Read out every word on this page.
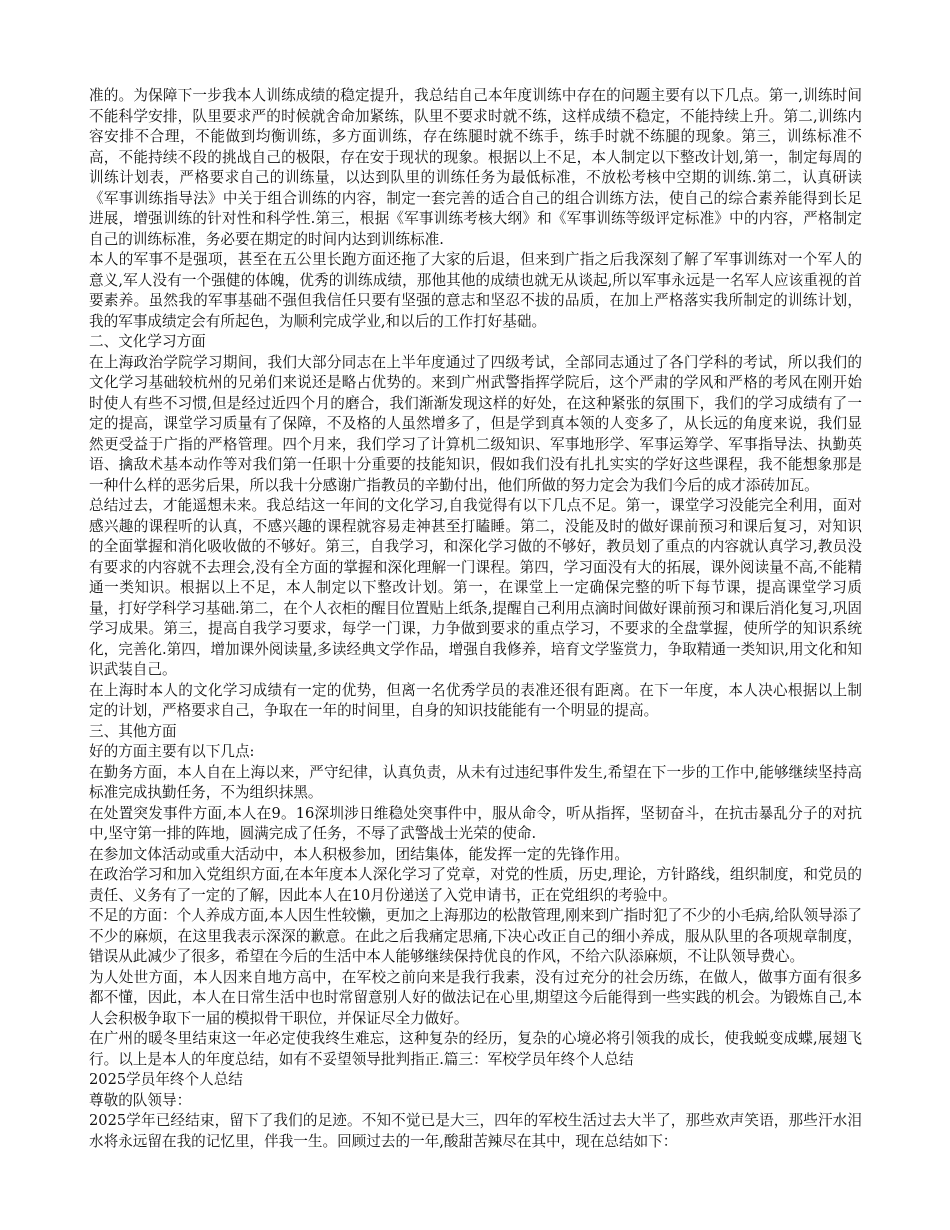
准的。为保障下一步我本人训练成绩的稳定提升，我总结自己本年度训练中存在的问题主要有以下几点。第一,训练时间不能科学安排，队里要求严的时候就舍命加紧练，队里不要求时就不练，这样成绩不稳定，不能持续上升。第二,训练内容安排不合理，不能做到均衡训练，多方面训练，存在练腿时就不练手，练手时就不练腿的现象。第三，训练标准不高，不能持续不段的挑战自己的极限，存在安于现状的现象。根据以上不足，本人制定以下整改计划,第一，制定每周的训练计划表，严格要求自己的训练量，以达到队里的训练任务为最低标准，不放松考核中空期的训练.第二，认真研读《军事训练指导法》中关于组合训练的内容，制定一套完善的适合自己的组合训练方法，使自己的综合素养能得到长足进展，增强训练的针对性和科学性.第三，根据《军事训练考核大纲》和《军事训练等级评定标准》中的内容，严格制定自己的训练标准，务必要在期定的时间内达到训练标准.

本人的军事不是强项，甚至在五公里长跑方面还拖了大家的后退，但来到广指之后我深刻了解了军事训练对一个军人的意义,军人没有一个强健的体魄，优秀的训练成绩，那他其他的成绩也就无从谈起,所以军事永远是一名军人应该重视的首要素养。虽然我的军事基础不强但我信任只要有坚强的意志和坚忍不拔的品质，在加上严格落实我所制定的训练计划，我的军事成绩定会有所起色，为顺利完成学业,和以后的工作打好基础。

二、文化学习方面

在上海政治学院学习期间，我们大部分同志在上半年度通过了四级考试，全部同志通过了各门学科的考试，所以我们的文化学习基础较杭州的兄弟们来说还是略占优势的。来到广州武警指挥学院后，这个严肃的学风和严格的考风在刚开始时使人有些不习惯,但是经过近四个月的磨合，我们渐渐发现这样的好处，在这种紧张的氛围下，我们的学习成绩有了一定的提高，课堂学习质量有了保障，不及格的人虽然增多了，但是学到真本领的人变多了，从长远的角度来说，我们显然更受益于广指的严格管理。四个月来，我们学习了计算机二级知识、军事地形学、军事运筹学、军事指导法、执勤英语、擒敌术基本动作等对我们第一任职十分重要的技能知识，假如我们没有扎扎实实的学好这些课程，我不能想象那是一种什么样的恶劣后果，所以我十分感谢广指教员的辛勤付出，他们所做的努力定会为我们今后的成才添砖加瓦。

总结过去，才能遥想未来。我总结这一年间的文化学习,自我觉得有以下几点不足。第一，课堂学习没能完全利用，面对感兴趣的课程听的认真，不感兴趣的课程就容易走神甚至打瞌睡。第二，没能及时的做好课前预习和课后复习，对知识的全面掌握和消化吸收做的不够好。第三，自我学习，和深化学习做的不够好，教员划了重点的内容就认真学习,教员没有要求的内容就不去理会,没有全方面的掌握和深化理解一门课程。第四，学习面没有大的拓展，课外阅读量不高,不能精通一类知识。根据以上不足，本人制定以下整改计划。第一，在课堂上一定确保完整的听下每节课，提高课堂学习质量，打好学科学习基础.第二，在个人衣柜的醒目位置贴上纸条,提醒自己利用点滴时间做好课前预习和课后消化复习,巩固学习成果。第三，提高自我学习要求，每学一门课，力争做到要求的重点学习，不要求的全盘掌握，使所学的知识系统化，完善化.第四，增加课外阅读量,多读经典文学作品，增强自我修养，培育文学鉴赏力，争取精通一类知识,用文化和知识武装自己。

在上海时本人的文化学习成绩有一定的优势，但离一名优秀学员的表准还很有距离。在下一年度，本人决心根据以上制定的计划，严格要求自己，争取在一年的时间里，自身的知识技能能有一个明显的提高。

三、其他方面

好的方面主要有以下几点:

在勤务方面，本人自在上海以来，严守纪律，认真负责，从未有过违纪事件发生,希望在下一步的工作中,能够继续坚持高标准完成执勤任务，不为组织抹黑。

在处置突发事件方面,本人在9。16深圳涉日维稳处突事件中，服从命令，听从指挥，坚韧奋斗，在抗击暴乱分子的对抗中,坚守第一排的阵地，圆满完成了任务，不辱了武警战士光荣的使命.

在参加文体活动或重大活动中，本人积极参加，团结集体，能发挥一定的先锋作用。

在政治学习和加入党组织方面,在本年度本人深化学习了党章，对党的性质，历史,理论，方针路线，组织制度，和党员的责任、义务有了一定的了解，因此本人在10月份递送了入党申请书，正在党组织的考验中。

不足的方面：个人养成方面,本人因生性较懒，更加之上海那边的松散管理,刚来到广指时犯了不少的小毛病,给队领导添了不少的麻烦，在这里我表示深深的歉意。在此之后我痛定思痛,下决心改正自己的细小养成，服从队里的各项规章制度，错误从此减少了很多，希望在今后的生活中本人能够继续保持优良的作风，不给六队添麻烦，不让队领导费心。

为人处世方面，本人因来自地方高中，在军校之前向来是我行我素，没有过充分的社会历练，在做人，做事方面有很多都不懂，因此，本人在日常生活中也时常留意别人好的做法记在心里,期望这今后能得到一些实践的机会。为锻炼自己,本人会积极争取下一届的模拟骨干职位，并保证尽全力做好。

在广州的暖冬里结束这一年必定使我终生难忘，这种复杂的经历，复杂的心境必将引领我的成长，使我蜕变成蝶,展翅飞行。以上是本人的年度总结，如有不妥望领导批判指正.篇三：军校学员年终个人总结

2025学员年终个人总结

尊敬的队领导：

2025学年已经结束，留下了我们的足迹。不知不觉已是大三，四年的军校生活过去大半了，那些欢声笑语，那些汗水泪水将永远留在我的记忆里，伴我一生。回顾过去的一年,酸甜苦辣尽在其中，现在总结如下：
